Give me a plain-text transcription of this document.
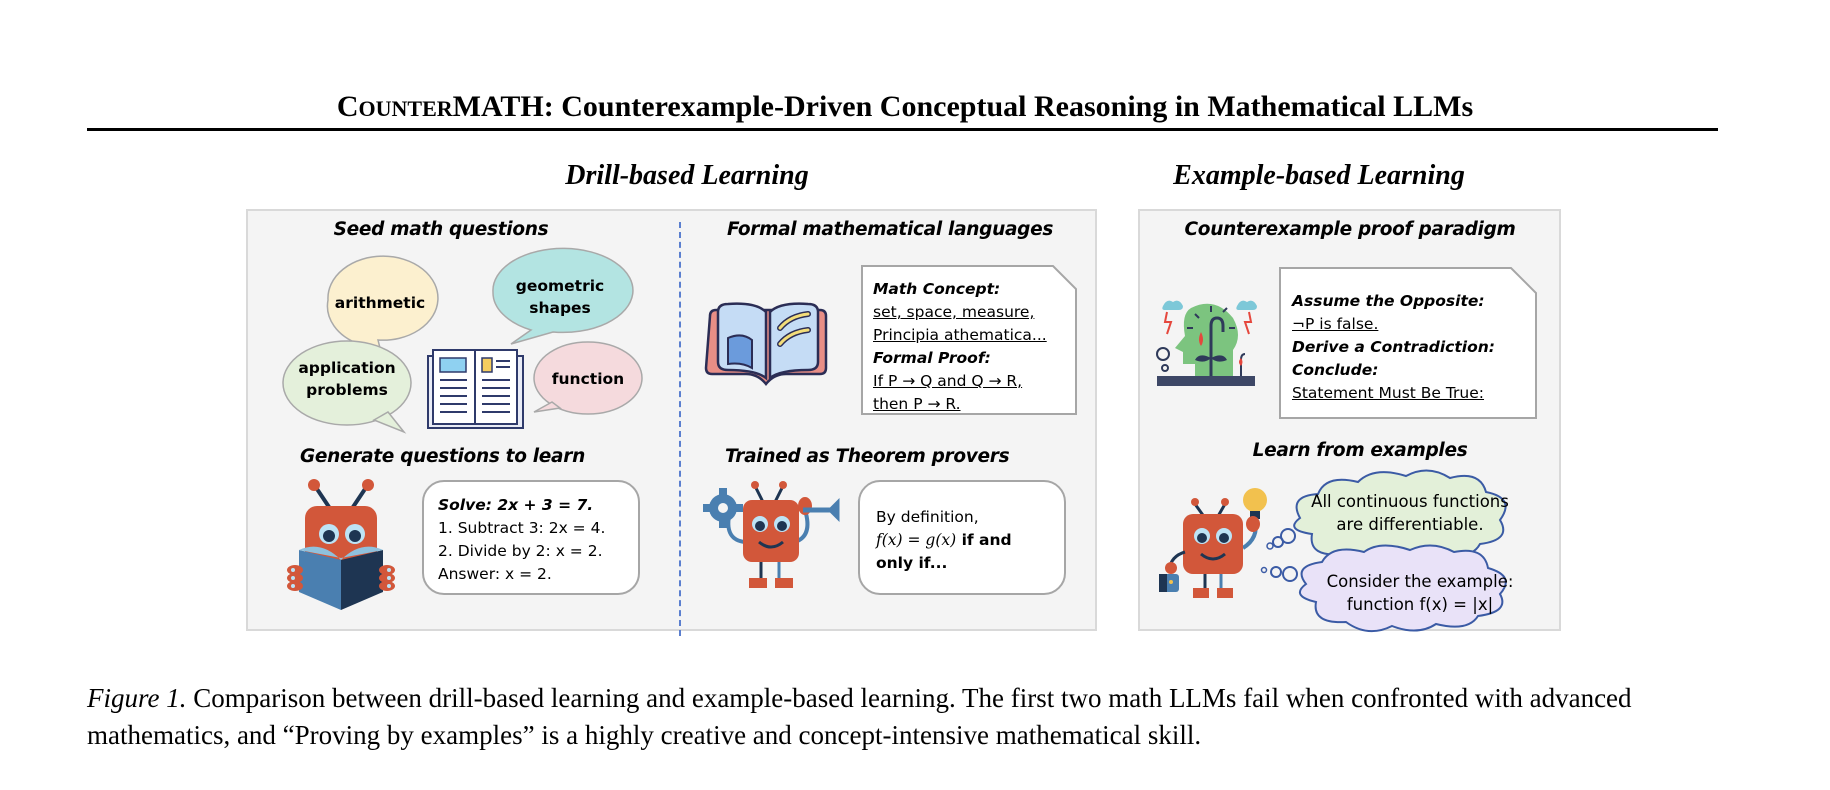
COUNTERMATH: Counterexample-Driven Conceptual Reasoning in Mathematical LLMs
Drill-based Learning	Example-based Learning
Seed math questions
arithmetic
geometric shapes
application problems
function
Formal mathematical languages
Math Concept:
set, space, measure,
Principia athematica...
Formal Proof:
If P → Q and Q → R,
then P → R.
Generate questions to learn
Solve: 2x + 3 = 7.
1. Subtract 3: 2x = 4.
2. Divide by 2: x = 2.
Answer: x = 2.
Trained as Theorem provers
By definition,
f(x) = g(x) if and
only if...
Counterexample proof paradigm
Assume the Opposite:
¬P is false.
Derive a Contradiction:
Conclude:
Statement Must Be True:
Learn from examples
All continuous functions
are differentiable.
Consider the example:
function f(x) = |x|
Figure 1. Comparison between drill-based learning and example-based learning. The first two math LLMs fail when confronted with advanced mathematics, and “Proving by examples” is a highly creative and concept-intensive mathematical skill.
